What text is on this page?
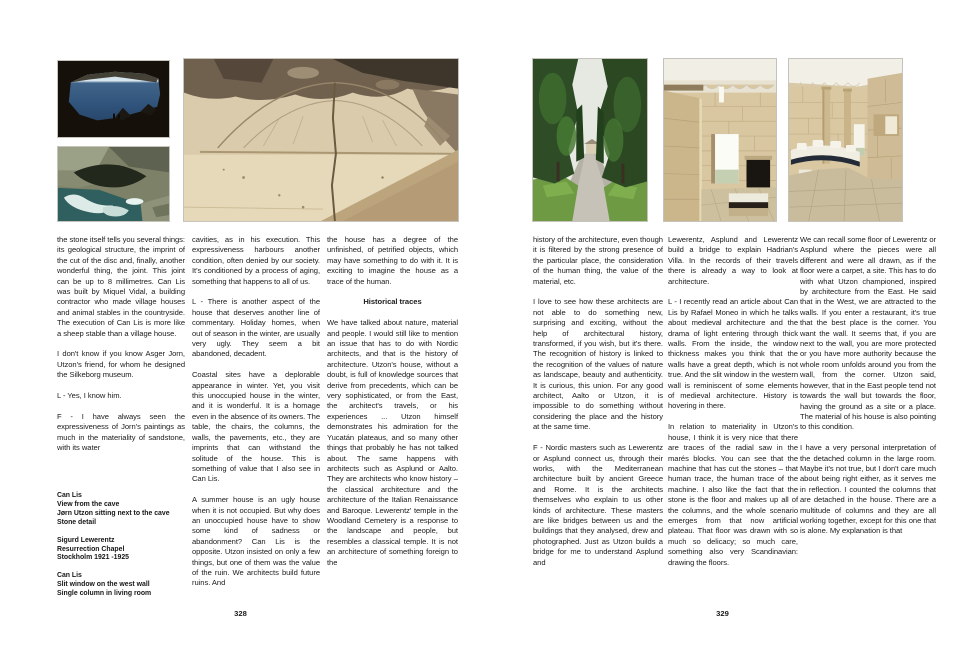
the stone itself tells you several things: its geological structure, the imprint of the cut of the disc and, finally, another wonderful thing, the joint. This joint can be up to 8 millimetres. Can Lis was built by Miquel Vidal, a building contractor who made village houses and animal stables in the countryside. The execution of Can Lis is more like a sheep stable than a village house.

I don't know if you know Asger Jorn, Utzon's friend, for whom he designed the Silkeborg museum.

L - Yes, I know him.

F - I have always seen the expressiveness of Jorn's paintings as much in the materiality of sandstone, with its water

Can Lis
View from the cave
Jørn Utzon sitting next to the cave
Stone detail
Sigurd Lewerentz
Resurrection Chapel
Stockholm 1921 -1925
Can Lis
Slit window on the west wall
Single column in living room

cavities, as in his execution. This expressiveness harbours another condition, often denied by our society. It's conditioned by a process of aging, something that happens to all of us.

L - There is another aspect of the house that deserves another line of commentary. Holiday homes, when out of season in the winter, are usually very ugly. They seem a bit abandoned, decadent.

Coastal sites have a deplorable appearance in winter. Yet, you visit this unoccupied house in the winter, and it is wonderful. It is a homage even in the absence of its owners. The table, the chairs, the columns, the walls, the pavements, etc., they are imprints that can withstand the solitude of the house. This is something of value that I also see in Can Lis.

A summer house is an ugly house when it is not occupied. But why does an unoccupied house have to show some kind of sadness or abandonment? Can Lis is the opposite. Utzon insisted on only a few things, but one of them was the value of the ruin. We architects build future ruins. And

the house has a degree of the unfinished, of petrified objects, which may have something to do with it. It is exciting to imagine the house as a trace of the human.

Historical traces

We have talked about nature, material and people. I would still like to mention an issue that has to do with Nordic architects, and that is the history of architecture. Utzon's house, without a doubt, is full of knowledge sources that derive from precedents, which can be very sophisticated, or from the East, the architect's travels, or his experiences ... Utzon himself demonstrates his admiration for the Yucatán plateaus, and so many other things that probably he has not talked about. The same happens with architects such as Asplund or Aalto. They are architects who know history – the classical architecture and the architecture of the Italian Renaissance and Baroque. Lewerentz' temple in the Woodland Cemetery is a response to the landscape and people, but resembles a classical temple. It is not an architecture of something foreign to the

328

history of the architecture, even though it is filtered by the strong presence of the particular place, the consideration of the human thing, the value of the material, etc.

I love to see how these architects are not able to do something new, surprising and exciting, without the help of architectural history, transformed, if you wish, but it's there. The recognition of history is linked to the recognition of the values of nature as landscape, beauty and authenticity. It is curious, this union. For any good architect, Aalto or Utzon, it is impossible to do something without considering the place and the history at the same time.

F - Nordic masters such as Lewerentz or Asplund connect us, through their works, with the Mediterranean architecture built by ancient Greece and Rome. It is the architects themselves who explain to us other kinds of architecture. These masters are like bridges between us and the buildings that they analysed, drew and photographed. Just as Utzon builds a bridge for me to understand Asplund and

Lewerentz, Asplund and Lewerentz build a bridge to explain Hadrian's Villa. In the records of their travels there is already a way to look at architecture.

L - I recently read an article about Can Lis by Rafael Moneo in which he talks about medieval architecture and the drama of light entering through thick walls. From the inside, the window thickness makes you think that the walls have a great depth, which is not true. And the slit window in the western wall is reminiscent of some elements of medieval architecture. History is hovering in there.

In relation to materiality in Utzon's house, I think it is very nice that there are traces of the radial saw in the marés blocks. You can see that the machine that has cut the stones – that human trace, the human trace of the machine. I also like the fact that the stone is the floor and makes up all of the columns, and the whole scenario emerges from that now artificial plateau. That floor was drawn with so much so delicacy; so much care, something also very Scandinavian: drawing the floors.

We can recall some floor of Lewerentz or Asplund where the pieces were all different and were all drawn, as if the floor were a carpet, a site. This has to do with what Utzon championed, inspired by architecture from the East. He said that in the West, we are attracted to the walls. If you enter a restaurant, it's true that the best place is the corner. You want the wall. It seems that, if you are next to the wall, you are more protected or you have more authority because the whole room unfolds around you from the wall, from the corner. Utzon said, however, that in the East people tend not towards the wall but towards the floor, having the ground as a site or a place. The material of his house is also pointing to this condition.

I have a very personal interpretation of the detached column in the large room. Maybe it's not true, but I don't care much about being right either, as it serves me in reflection. I counted the columns that are detached in the house. There are a multitude of columns and they are all working together, except for this one that is alone. My explanation is that

329
